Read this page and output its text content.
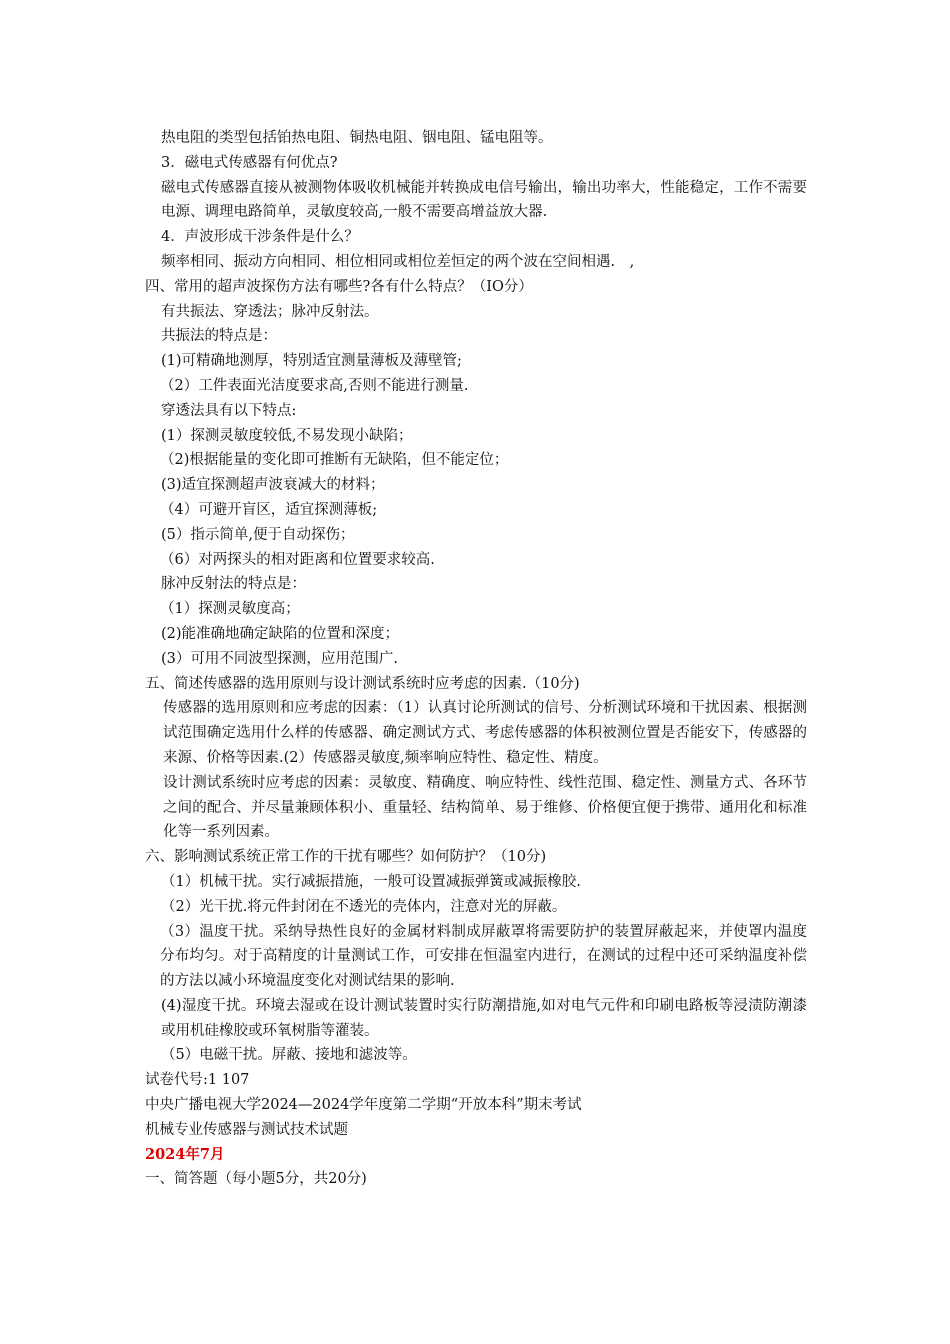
热电阻的类型包括铂热电阻、铜热电阻、铟电阻、锰电阻等。
3．磁电式传感器有何优点?
磁电式传感器直接从被测物体吸收机械能并转换成电信号输出，输出功率大，性能稳定，工作不需要电源、调理电路简单，灵敏度较高,一般不需要高增益放大器.
4．声波形成干涉条件是什么？
频率相同、振动方向相同、相位相同或相位差恒定的两个波在空间相遇.　,
四、常用的超声波探伤方法有哪些?各有什么特点？（IO分）
有共振法、穿透法；脉冲反射法。
共振法的特点是：
(1)可精确地测厚，特别适宜测量薄板及薄壁管;
（2）工件表面光洁度要求高,否则不能进行测量.
穿透法具有以下特点:
(1）探测灵敏度较低,不易发现小缺陷；
（2)根据能量的变化即可推断有无缺陷，但不能定位；
(3)适宜探测超声波衰减大的材料；
（4）可避开盲区，适宜探测薄板;
(5）指示简单,便于自动探伤；
（6）对两探头的相对距离和位置要求较高.
脉冲反射法的特点是：
（1）探测灵敏度高；
(2)能准确地确定缺陷的位置和深度；
(3）可用不同波型探测，应用范围广.
五、简述传感器的选用原则与设计测试系统时应考虑的因素.（10分)
传感器的选用原则和应考虑的因素：（1）认真讨论所测试的信号、分析测试环境和干扰因素、根据测试范围确定选用什么样的传感器、确定测试方式、考虑传感器的体积被测位置是否能安下，传感器的来源、价格等因素.(2）传感器灵敏度,频率响应特性、稳定性、精度。
设计测试系统时应考虑的因素：灵敏度、精确度、响应特性、线性范围、稳定性、测量方式、各环节之间的配合、并尽量兼顾体积小、重量轻、结构简单、易于维修、价格便宜便于携带、通用化和标准化等一系列因素。
六、影响测试系统正常工作的干扰有哪些？如何防护？（10分)
（1）机械干扰。实行减振措施，一般可设置减振弹簧或减振橡胶.
（2）光干扰.将元件封闭在不透光的壳体内，注意对光的屏蔽。
（3）温度干扰。采纳导热性良好的金属材料制成屏蔽罩将需要防护的装置屏蔽起来，并使罩内温度分布均匀。对于高精度的计量测试工作，可安排在恒温室内进行，在测试的过程中还可采纳温度补偿的方法以减小环境温度变化对测试结果的影响.
(4)湿度干扰。环境去湿或在设计测试装置时实行防潮措施,如对电气元件和印刷电路板等浸渍防潮漆或用机硅橡胶或环氧树脂等灌装。
（5）电磁干扰。屏蔽、接地和滤波等。
试卷代号:1 107
中央广播电视大学2024—2024学年度第二学期“开放本科”期末考试
机械专业传感器与测试技术试题
2024年7月
一、简答题（每小题5分，共20分)
